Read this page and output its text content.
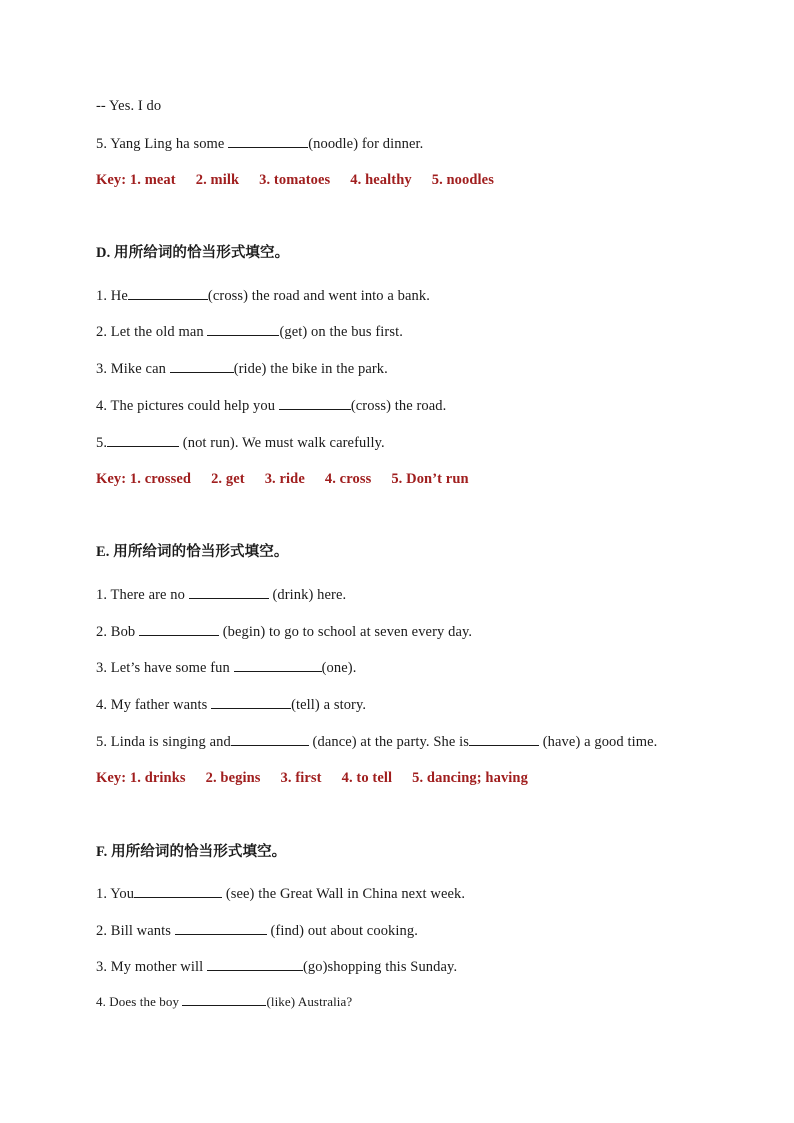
-- Yes. I do
5. Yang Ling ha some	(noodle) for dinner.
Key: 1. meat 2. milk 3. tomatoes 4. healthy 5. noodles
D. 用所给词的恰当形式填空。
1. He	(cross) the road and went into a bank.
2. Let the old man	(get) on the bus first.
3. Mike can	(ride) the bike in the park.
4. The pictures could help you	(cross) the road.
5.	(not run). We must walk carefully.
Key: 1. crossed 2. get 3. ride 4. cross 5. Don’t run
E. 用所给词的恰当形式填空。
1. There are no	(drink) here.
2. Bob	(begin) to go to school at seven every day.
3. Let’s have some fun	(one).
4. My father wants	(tell) a story.
5. Linda is singing and	(dance) at the party. She is	(have) a good time.
Key: 1. drinks 2. begins 3. first 4. to tell 5. dancing; having
F. 用所给词的恰当形式填空。
1. You	(see) the Great Wall in China next week.
2. Bill wants	(find) out about cooking.
3. My mother will	(go)shopping this Sunday.
4. Does the boy	(like) Australia?
